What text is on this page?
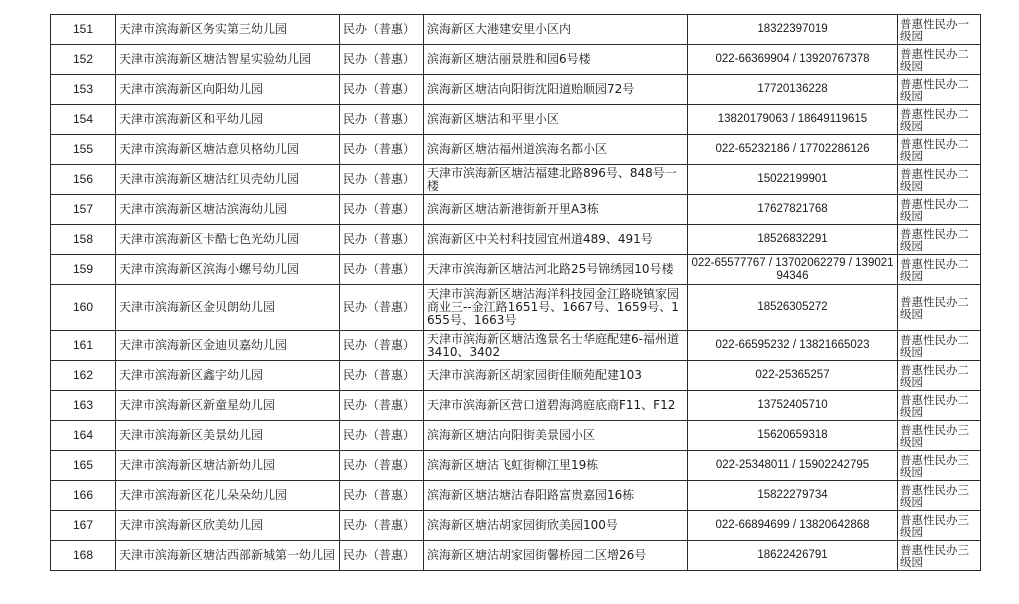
151	天津市滨海新区务实第三幼儿园	民办（普惠）	滨海新区大港建安里小区内	18322397019	普惠性民办一级园
152	天津市滨海新区塘沽智星实验幼儿园	民办（普惠）	滨海新区塘沽丽景胜和园6号楼	022-66369904 / 13920767378	普惠性民办二级园
153	天津市滨海新区向阳幼儿园	民办（普惠）	滨海新区塘沽向阳街沈阳道贻顺园72号	17720136228	普惠性民办二级园
154	天津市滨海新区和平幼儿园	民办（普惠）	滨海新区塘沽和平里小区	13820179063 / 18649119615	普惠性民办二级园
155	天津市滨海新区塘沽意贝格幼儿园	民办（普惠）	滨海新区塘沽福州道滨海名都小区	022-65232186 / 17702286126	普惠性民办二级园
156	天津市滨海新区塘沽红贝壳幼儿园	民办（普惠）	天津市滨海新区塘沽福建北路896号、848号一楼	15022199901	普惠性民办二级园
157	天津市滨海新区塘沽滨海幼儿园	民办（普惠）	滨海新区塘沽新港街新开里A3栋	17627821768	普惠性民办二级园
158	天津市滨海新区卡酷七色光幼儿园	民办（普惠）	滨海新区中关村科技园宜州道489、491号	18526832291	普惠性民办二级园
159	天津市滨海新区滨海小螺号幼儿园	民办（普惠）	天津市滨海新区塘沽河北路25号锦绣园10号楼	022-65577767 / 13702062279 / 13902194346	普惠性民办二级园
160	天津市滨海新区金贝朗幼儿园	民办（普惠）	天津市滨海新区塘沽海洋科技园金江路晓镇家园商业三--金江路1651号、1667号、1659号、1655号、1663号	18526305272	普惠性民办二级园
161	天津市滨海新区金迪贝嘉幼儿园	民办（普惠）	天津市滨海新区塘沽逸景名士华庭配建6-福州道3410、3402	022-66595232 / 13821665023	普惠性民办二级园
162	天津市滨海新区鑫宇幼儿园	民办（普惠）	天津市滨海新区胡家园街佳顺苑配建103	022-25365257	普惠性民办二级园
163	天津市滨海新区新童星幼儿园	民办（普惠）	天津市滨海新区营口道碧海鸿庭底商F11、F12	13752405710	普惠性民办二级园
164	天津市滨海新区美景幼儿园	民办（普惠）	滨海新区塘沽向阳街美景园小区	15620659318	普惠性民办三级园
165	天津市滨海新区塘沽新幼儿园	民办（普惠）	滨海新区塘沽飞虹街柳江里19栋	022-25348011 / 15902242795	普惠性民办三级园
166	天津市滨海新区花儿朵朵幼儿园	民办（普惠）	滨海新区塘沽塘沽春阳路富贵嘉园16栋	15822279734	普惠性民办三级园
167	天津市滨海新区欣美幼儿园	民办（普惠）	滨海新区塘沽胡家园街欣美园100号	022-66894699 / 13820642868	普惠性民办三级园
168	天津市滨海新区塘沽西部新城第一幼儿园	民办（普惠）	滨海新区塘沽胡家园街馨桥园二区增26号	18622426791	普惠性民办三级园
